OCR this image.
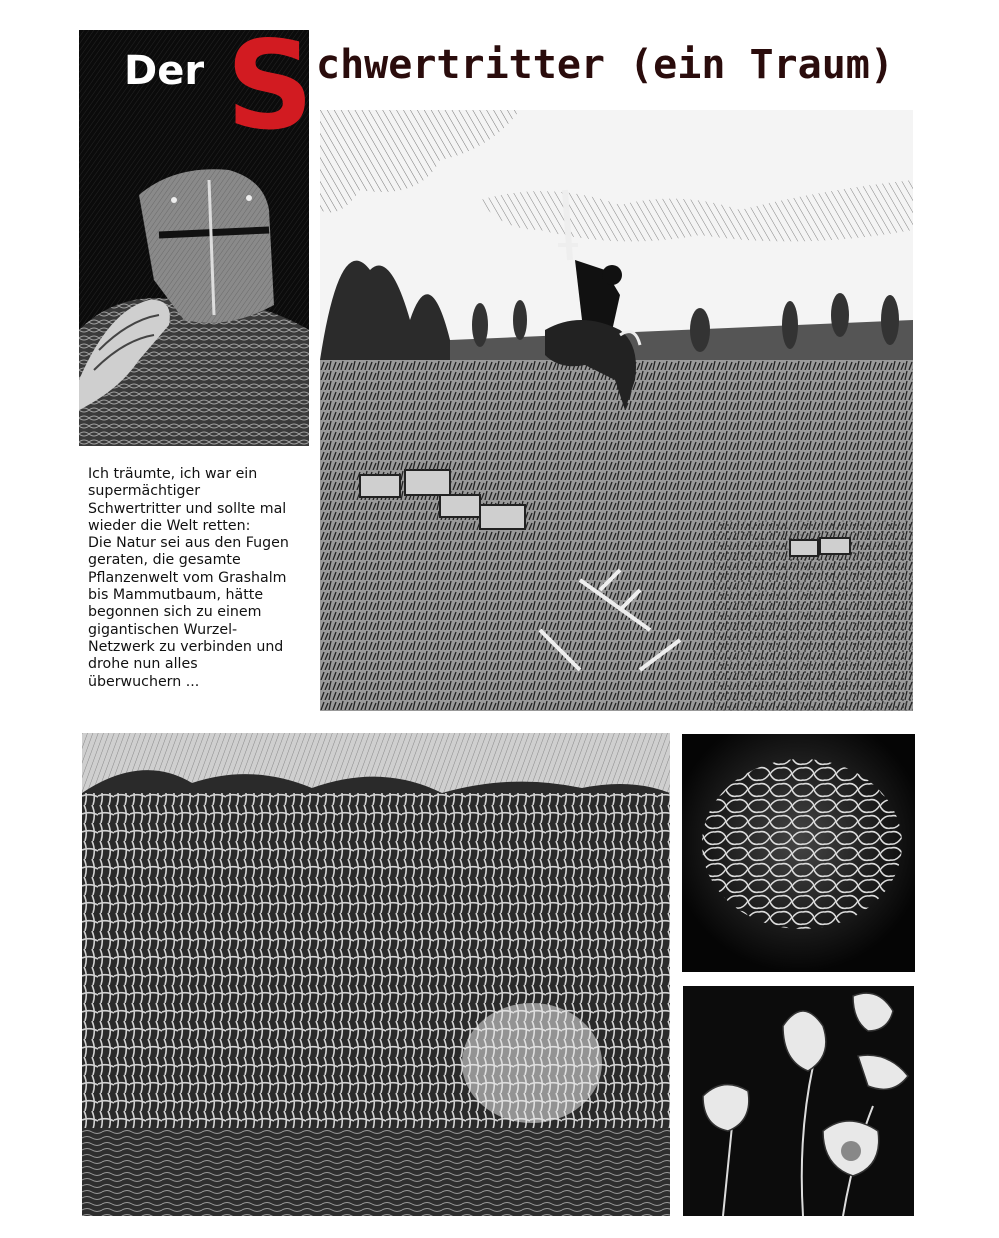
Der S chwertritter (ein Traum)
Ich träumte, ich war ein
supermächtiger
Schwertritter und sollte mal
wieder die Welt retten:
Die Natur sei aus den Fugen
geraten, die gesamte
Pflanzenwelt vom Grashalm
bis Mammutbaum, hätte
begonnen sich zu einem
gigantischen Wurzel-
Netzwerk zu verbinden und
drohe nun alles
überwuchern ...
